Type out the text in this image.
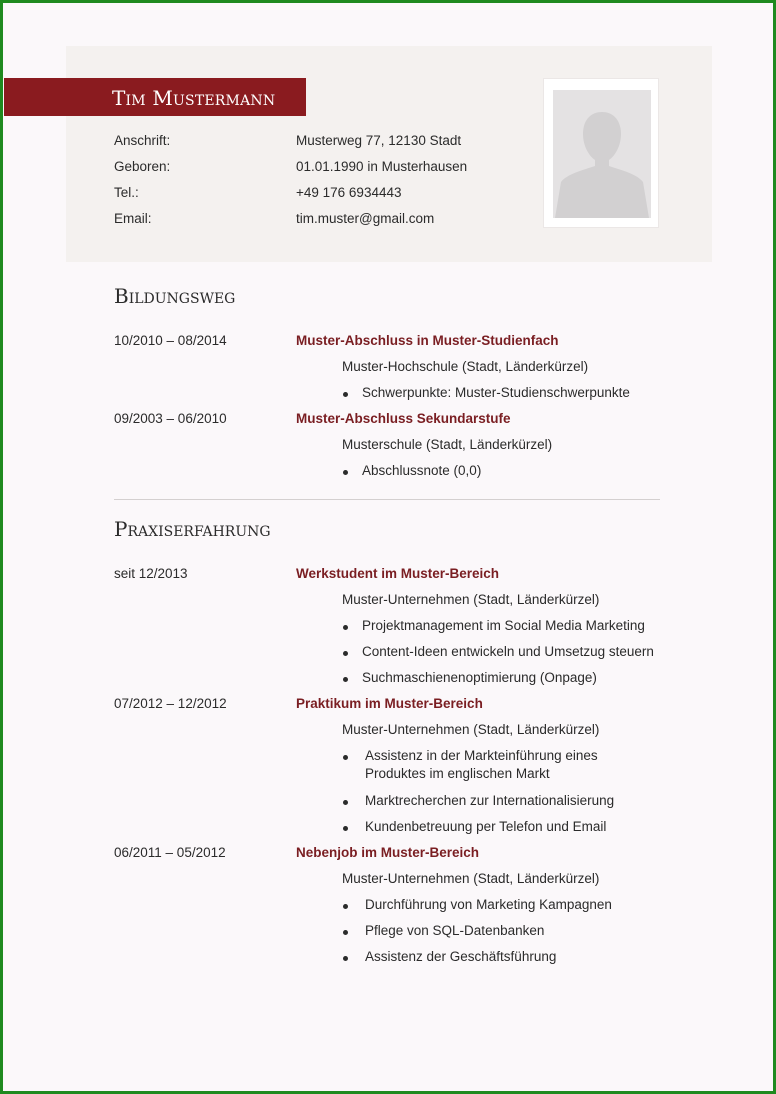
Tim Mustermann
Anschrift:	Musterweg 77, 12130 Stadt
Geboren:	01.01.1990 in Musterhausen
Tel.:	+49 176 6934443
Email:	tim.muster@gmail.com
Bildungsweg
10/2010 – 08/2014	Muster-Abschluss in Muster-Studienfach
Muster-Hochschule (Stadt, Länderkürzel)
Schwerpunkte: Muster-Studienschwerpunkte
09/2003 – 06/2010	Muster-Abschluss Sekundarstufe
Musterschule (Stadt, Länderkürzel)
Abschlussnote (0,0)
Praxiserfahrung
seit 12/2013	Werkstudent im Muster-Bereich
Muster-Unternehmen (Stadt, Länderkürzel)
Projektmanagement im Social Media Marketing
Content-Ideen entwickeln und Umsetzug steuern
Suchmaschienenoptimierung (Onpage)
07/2012 – 12/2012	Praktikum im Muster-Bereich
Muster-Unternehmen (Stadt, Länderkürzel)
Assistenz in der Markteinführung eines
Produktes im englischen Markt
Marktrecherchen zur Internationalisierung
Kundenbetreuung per Telefon und Email
06/2011 – 05/2012	Nebenjob im Muster-Bereich
Muster-Unternehmen (Stadt, Länderkürzel)
Durchführung von Marketing Kampagnen
Pflege von SQL-Datenbanken
Assistenz der Geschäftsführung
